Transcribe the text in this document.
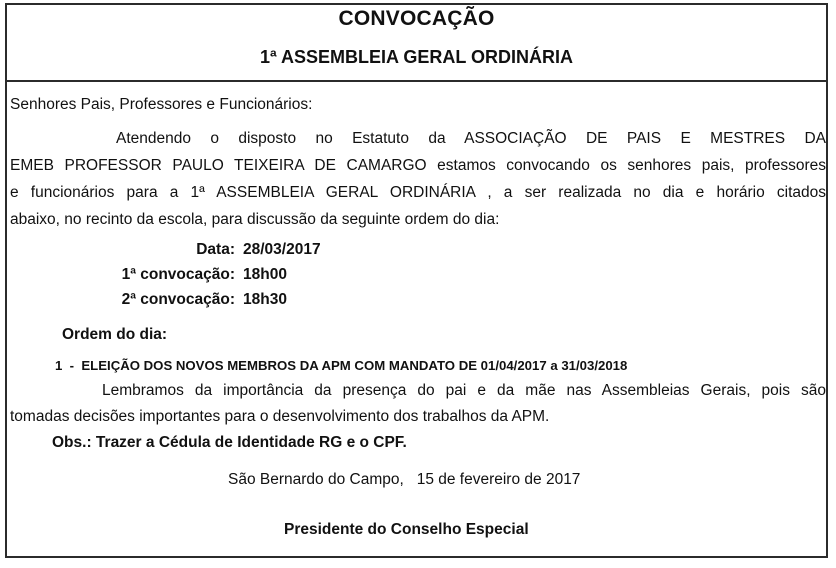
CONVOCAÇÃO
1ª ASSEMBLEIA GERAL ORDINÁRIA
Senhores Pais, Professores e Funcionários:
Atendendo o disposto no Estatuto da ASSOCIAÇÃO DE PAIS E MESTRES DA
EMEB PROFESSOR PAULO TEIXEIRA DE CAMARGO estamos convocando os senhores pais, professores
e funcionários para a 1ª ASSEMBLEIA GERAL ORDINÁRIA , a ser realizada no dia e horário citados
abaixo, no recinto da escola, para discussão da seguinte ordem do dia:
Data: 28/03/2017
1ª convocação: 18h00
2ª convocação: 18h30
Ordem do dia:
1  -  ELEIÇÃO DOS NOVOS MEMBROS DA APM COM MANDATO DE 01/04/2017 a 31/03/2018
Lembramos da importância da presença do pai e da mãe nas Assembleias Gerais, pois são
tomadas decisões importantes para o desenvolvimento dos trabalhos da APM.
Obs.: Trazer a Cédula de Identidade RG e o CPF.
São Bernardo do Campo,   15 de fevereiro de 2017
Presidente do Conselho Especial
